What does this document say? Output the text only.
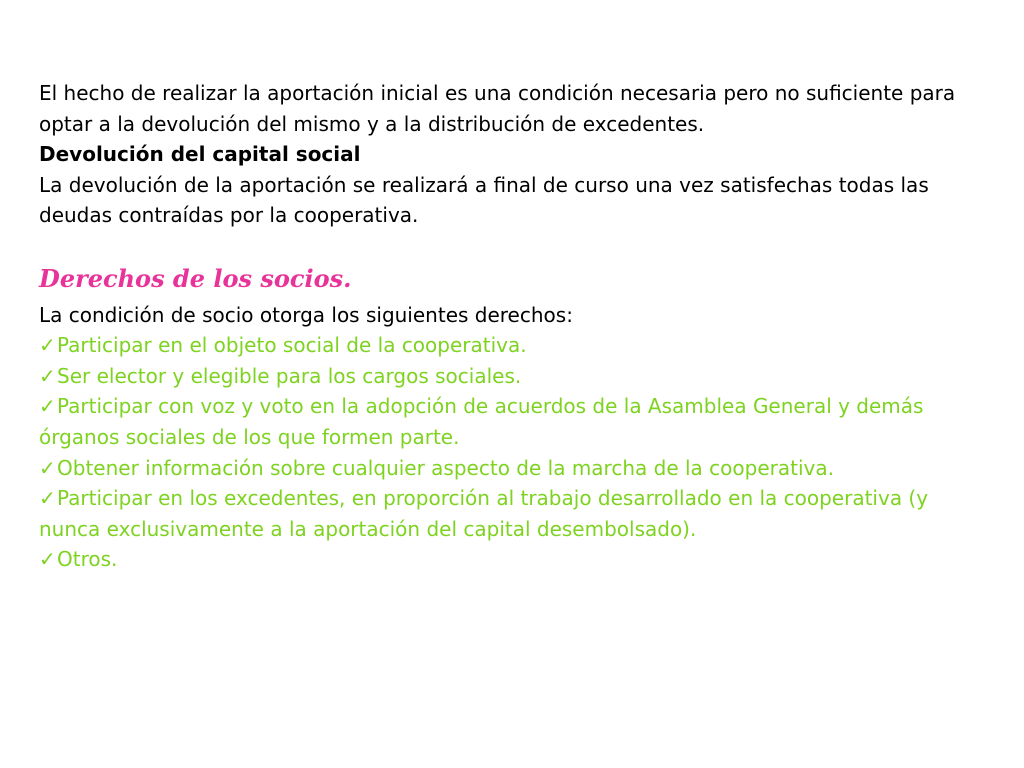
El hecho de realizar la aportación inicial es una condición necesaria pero no suficiente para optar a la devolución del mismo y a la distribución de excedentes.

Devolución del capital social

La devolución de la aportación se realizará a final de curso una vez satisfechas todas las deudas contraídas por la cooperativa.

Derechos de los socios.

La condición de socio otorga los siguientes derechos:

✓Participar en el objeto social de la cooperativa.
✓Ser elector y elegible para los cargos sociales.
✓Participar con voz y voto en la adopción de acuerdos de la Asamblea General y demás órganos sociales de los que formen parte.
✓Obtener información sobre cualquier aspecto de la marcha de la cooperativa.
✓Participar en los excedentes, en proporción al trabajo desarrollado en la cooperativa (y nunca exclusivamente a la aportación del capital desembolsado).
✓Otros.
